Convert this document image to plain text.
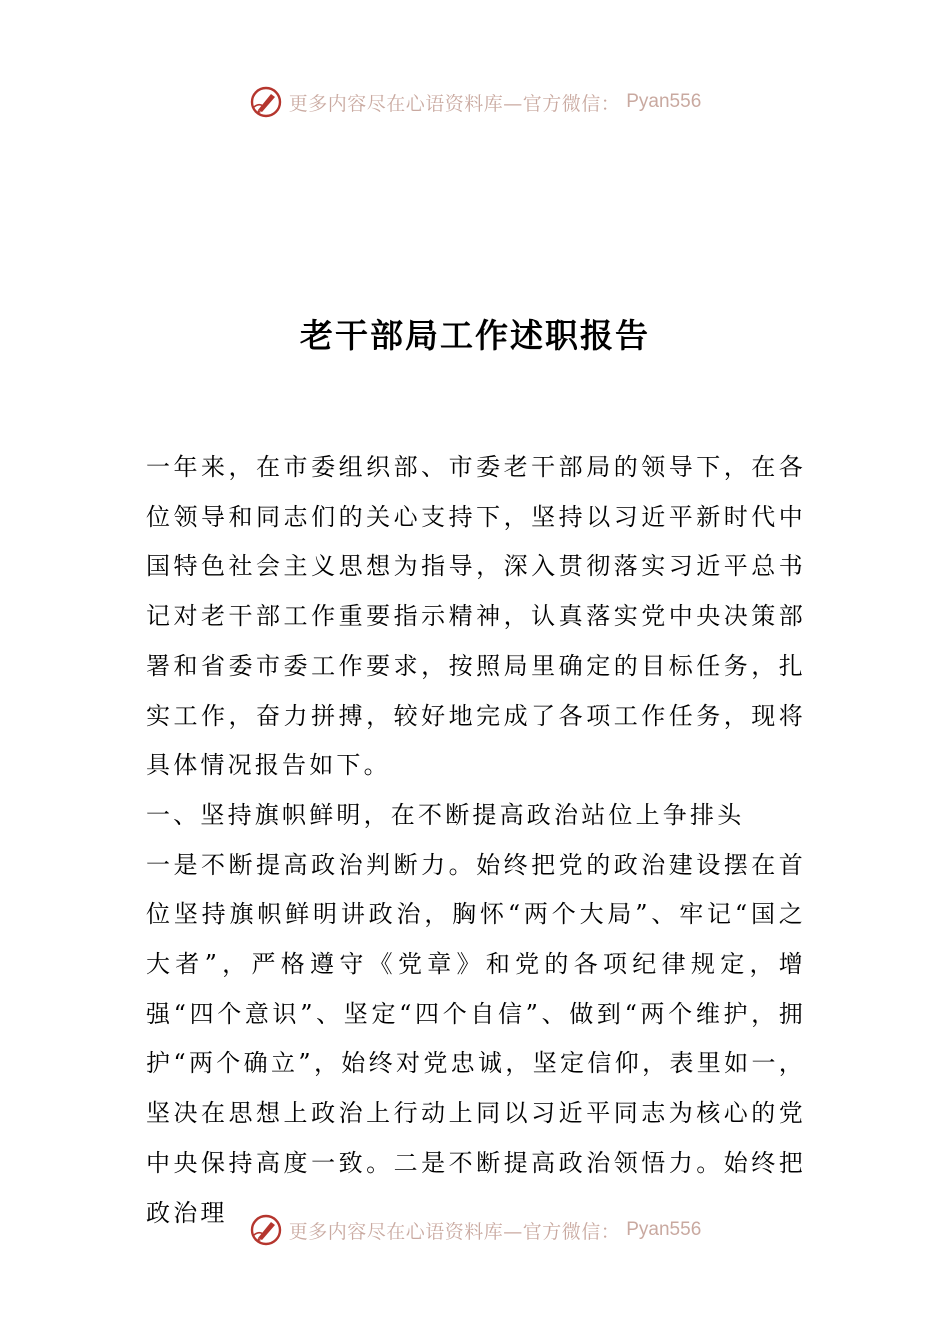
更多内容尽在心语资料库—官方微信： Pyan556
老干部局工作述职报告

一年来，在市委组织部、市委老干部局的领导下，在各位领导和同志们的关心支持下，坚持以习近平新时代中国特色社会主义思想为指导，深入贯彻落实习近平总书记对老干部工作重要指示精神，认真落实党中央决策部署和省委市委工作要求，按照局里确定的目标任务，扎实工作，奋力拼搏，较好地完成了各项工作任务，现将具体情况报告如下。

一、坚持旗帜鲜明，在不断提高政治站位上争排头

一是不断提高政治判断力。始终把党的政治建设摆在首位坚持旗帜鲜明讲政治，胸怀“两个大局”、牢记“国之大者”，严格遵守《党章》和党的各项纪律规定，增强“四个意识”、坚定“四个自信”、做到“两个维护，拥护“两个确立”，始终对党忠诚，坚定信仰，表里如一，坚决在思想上政治上行动上同以习近平同志为核心的党中央保持高度一致。二是不断提高政治领悟力。始终把政治理

更多内容尽在心语资料库—官方微信： Pyan556
